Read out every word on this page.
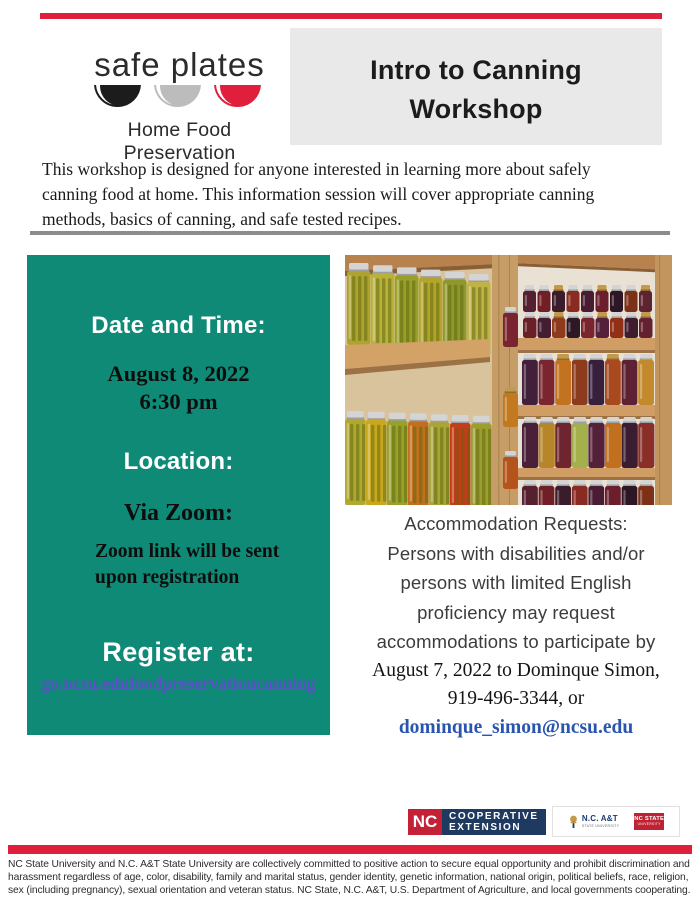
safe plates
Home Food Preservation
Intro to Canning
Workshop
This workshop is designed for anyone interested in learning more about safely
canning food at home. This information session will cover appropriate canning
methods, basics of canning, and safe tested recipes.
Date and Time:
August 8, 2022
6:30 pm
Location:
Via Zoom:
Zoom link will be sent
upon registration
Register at:
go.ncsu.edufoodpreservationcanning
Accommodation Requests:
Persons with disabilities and/or
persons with limited English
proficiency may request
accommodations to participate by
August 7, 2022 to Dominque Simon,
919-496-3344, or
dominque_simon@ncsu.edu
NC	COOPERATIVE
EXTENSION
N.C. A&T
STATE UNIVERSITY
NC STATE
UNIVERSITY
NC State University and N.C. A&T State University are collectively committed to positive action to secure equal opportunity and prohibit discrimination and
harassment regardless of age, color, disability, family and marital status, gender identity, genetic information, national origin, political beliefs, race, religion,
sex (including pregnancy), sexual orientation and veteran status. NC State, N.C. A&T, U.S. Department of Agriculture, and local governments cooperating.
